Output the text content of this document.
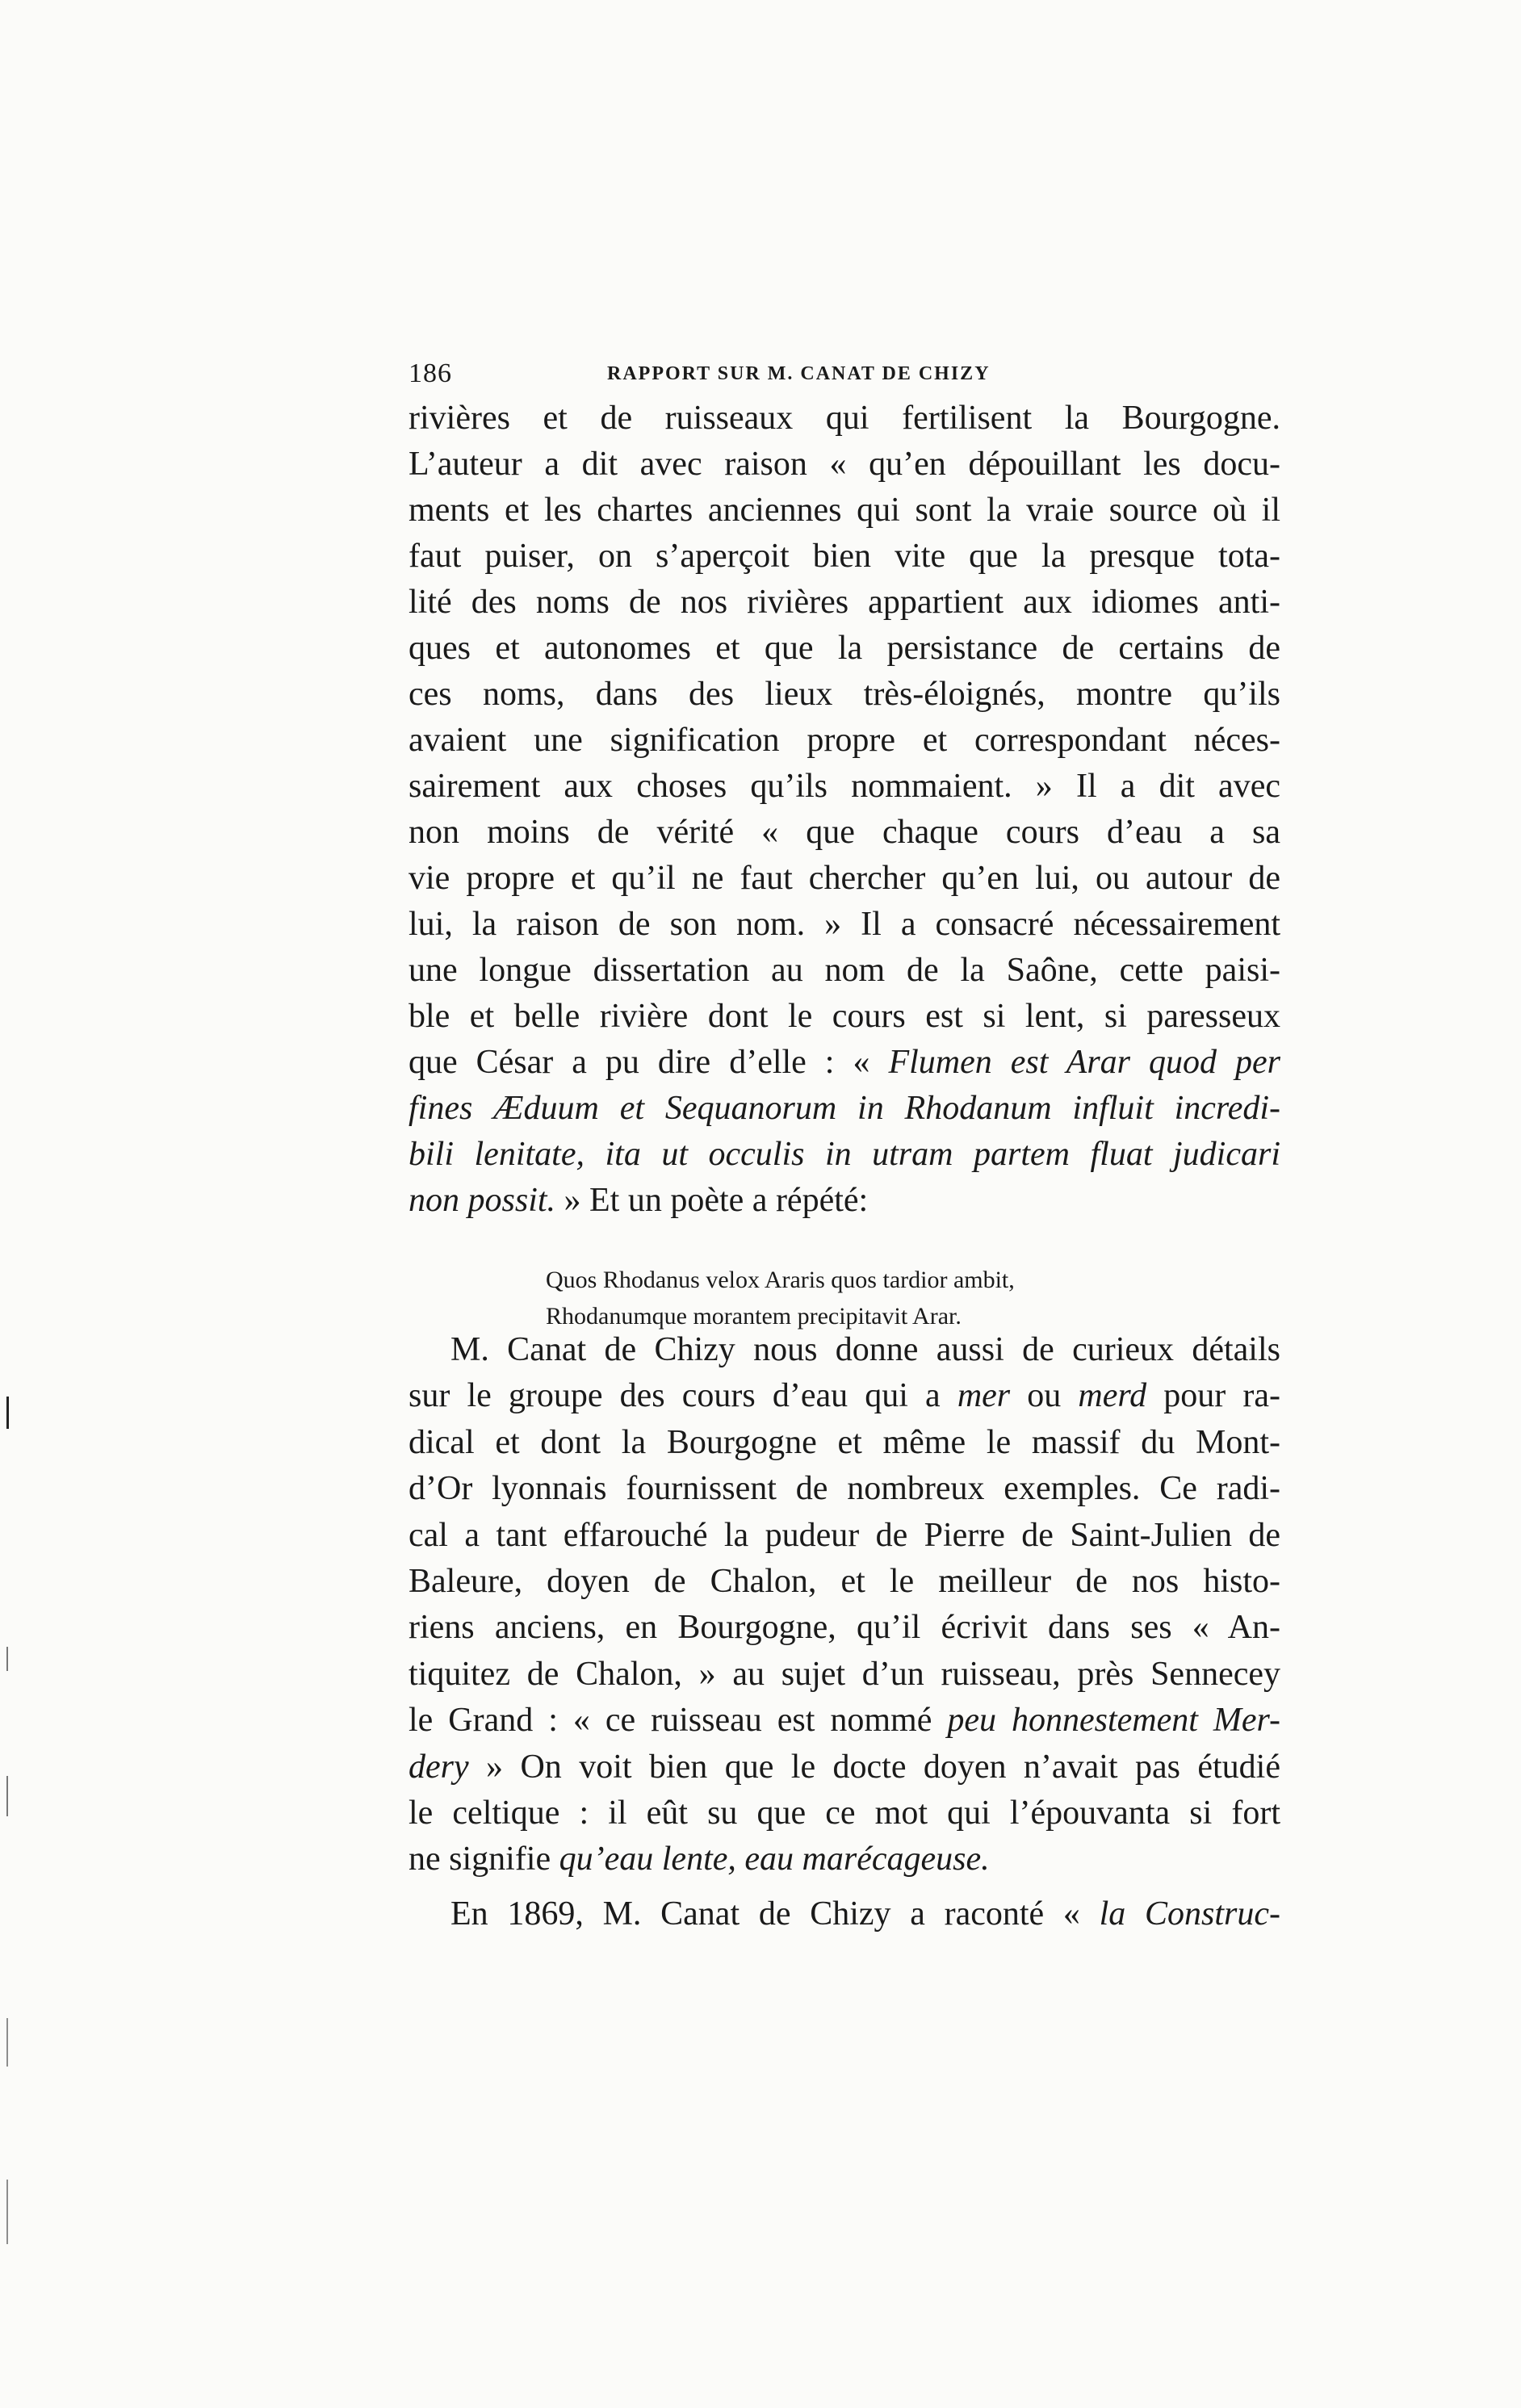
186	RAPPORT SUR M. CANAT DE CHIZY
rivières et de ruisseaux qui fertilisent la Bourgogne.
L’auteur a dit avec raison « qu’en dépouillant les docu-
ments et les chartes anciennes qui sont la vraie source où il
faut puiser, on s’aperçoit bien vite que la presque tota-
lité des noms de nos rivières appartient aux idiomes anti-
ques et autonomes et que la persistance de certains de
ces noms, dans des lieux très-éloignés, montre qu’ils
avaient une signification propre et correspondant néces-
sairement aux choses qu’ils nommaient. » Il a dit avec
non moins de vérité « que chaque cours d’eau a sa
vie propre et qu’il ne faut chercher qu’en lui, ou autour de
lui, la raison de son nom. » Il a consacré nécessairement
une longue dissertation au nom de la Saône, cette paisi-
ble et belle rivière dont le cours est si lent, si paresseux
que César a pu dire d’elle : « Flumen est Arar quod per
fines Æduum et Sequanorum in Rhodanum influit incredi-
bili lenitate, ita ut occulis in utram partem fluat judicari
non possit. » Et un poète a répété:
Quos Rhodanus velox Araris quos tardior ambit,
Rhodanumque morantem precipitavit Arar.
M. Canat de Chizy nous donne aussi de curieux détails
sur le groupe des cours d’eau qui a mer ou merd pour ra-
dical et dont la Bourgogne et même le massif du Mont-
d’Or lyonnais fournissent de nombreux exemples. Ce radi-
cal a tant effarouché la pudeur de Pierre de Saint-Julien de
Baleure, doyen de Chalon, et le meilleur de nos histo-
riens anciens, en Bourgogne, qu’il écrivit dans ses « An-
tiquitez de Chalon, » au sujet d’un ruisseau, près Sennecey
le Grand : « ce ruisseau est nommé peu honnestement Mer-
dery » On voit bien que le docte doyen n’avait pas étudié
le celtique : il eût su que ce mot qui l’épouvanta si fort
ne signifie qu’eau lente, eau marécageuse.
En 1869, M. Canat de Chizy a raconté « la Construc-
